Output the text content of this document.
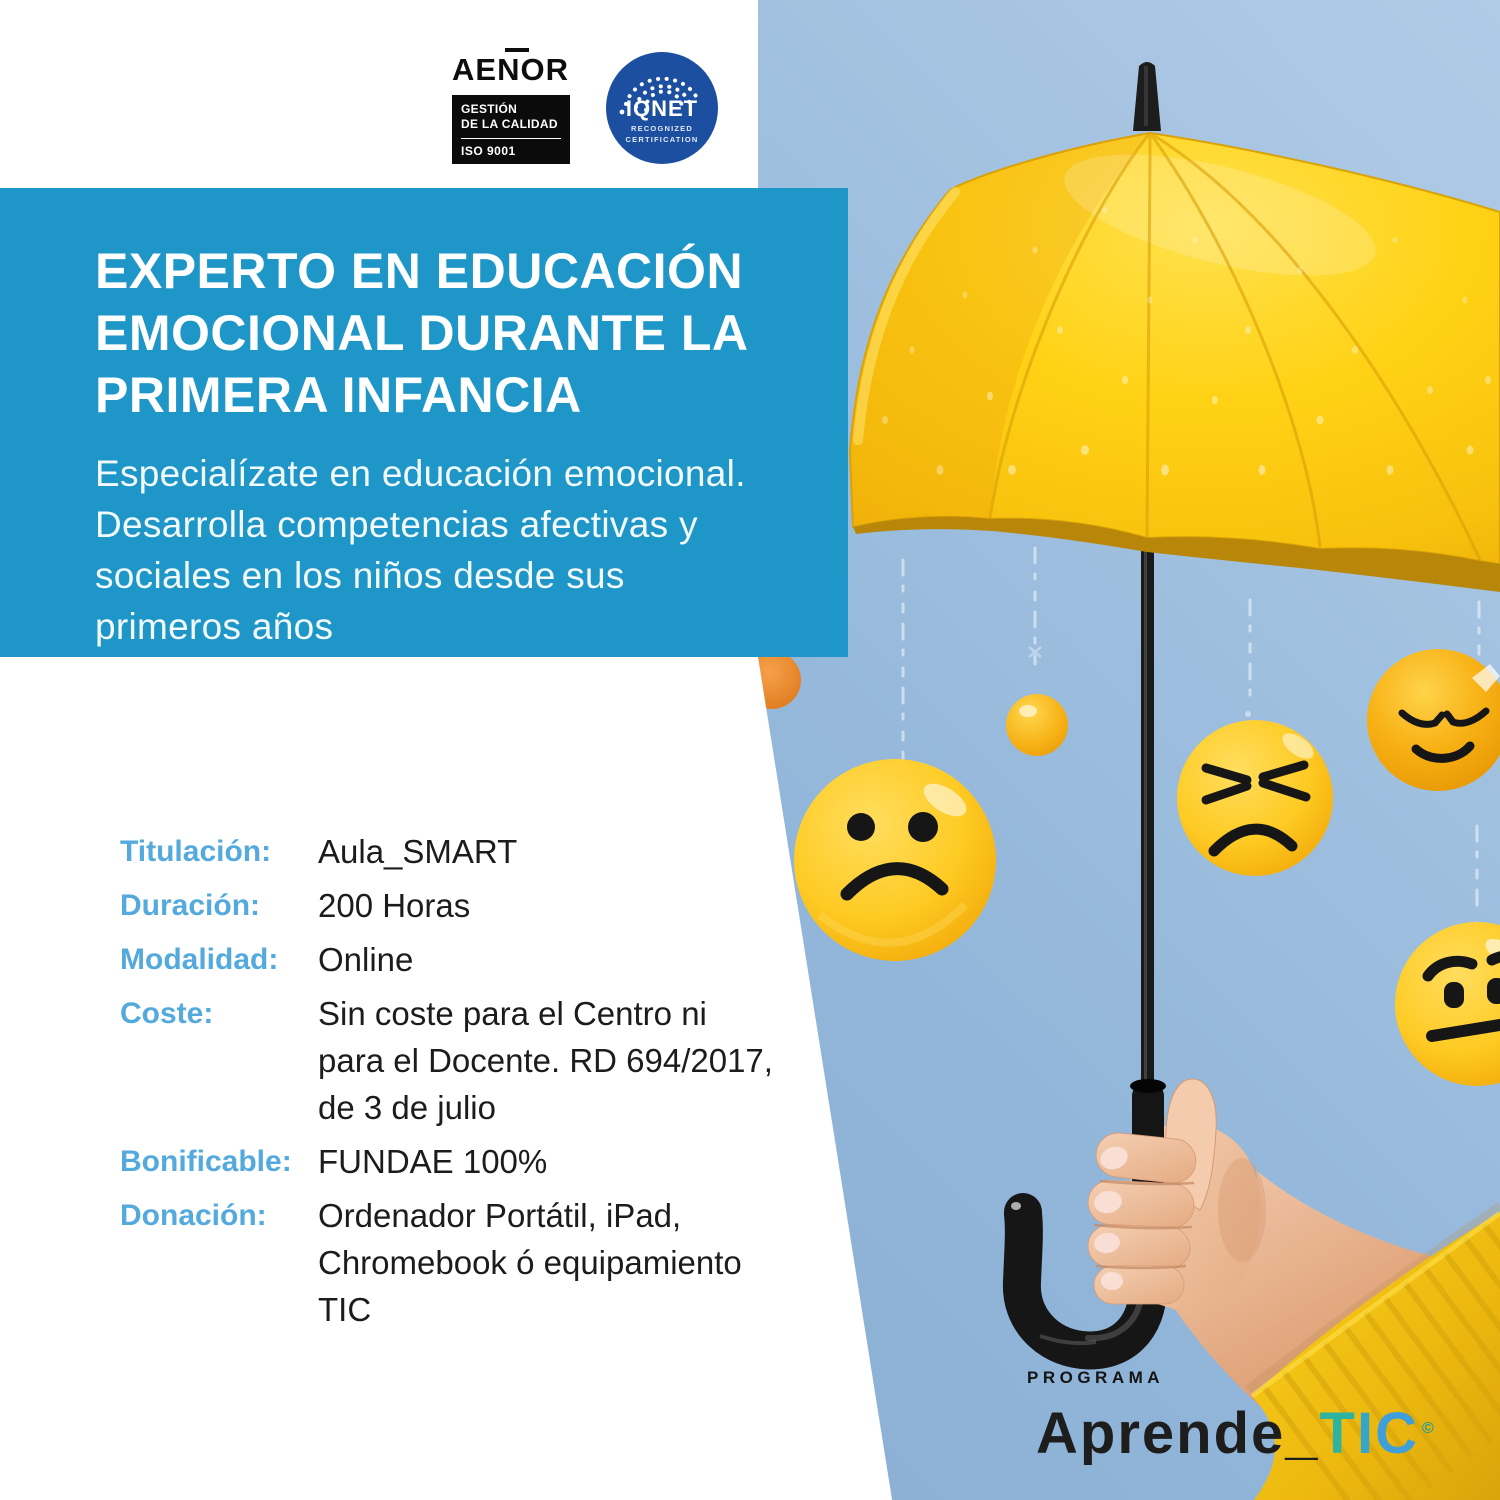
AENOR
GESTIÓN
DE LA CALIDAD
ISO 9001
IQNET
RECOGNIZED
CERTIFICATION
EXPERTO EN EDUCACIÓN
EMOCIONAL DURANTE LA
PRIMERA INFANCIA
Especialízate en educación emocional.
Desarrolla competencias afectivas y
sociales en los niños desde sus
primeros años
Titulación:	Aula_SMART
Duración:	200 Horas
Modalidad:	Online
Coste:	Sin coste para el Centro ni
para el Docente. RD 694/2017,
de 3 de julio
Bonificable: FUNDAE 100%
Donación:	Ordenador Portátil, iPad,
Chromebook ó equipamiento
TIC
PROGRAMA
Aprende_TIC ©
